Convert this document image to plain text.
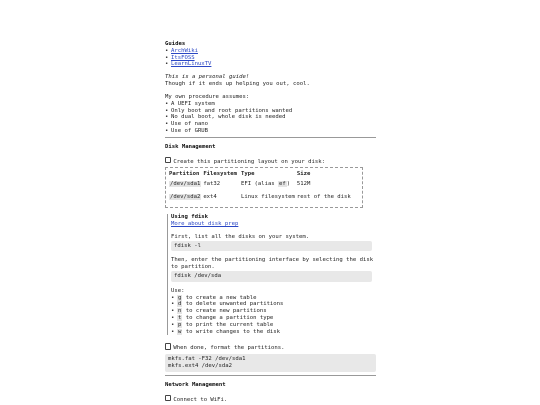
Guides
• ArchWiki
• ItsFOSS
• LearnLinuxTV
This is a personal guide!
Though if it ends up helping you out, cool.
My own procedure assumes:
• A UEFI system
• Only boot and root partitions wanted
• No dual boot, whole disk is needed
• Use of nano
• Use of GRUB
Disk Management
Create this partitioning layout on your disk:
Partition	Filesystem	Type	Size
/dev/sda1	fat32	EFI (alias ef)	512M
/dev/sda2	ext4	Linux filesystem	rest of the disk
Using fdisk
More about disk prep
First, list all the disks on your system.
fdisk -l
Then, enter the partitioning interface by selecting the disk to partition.
fdisk /dev/sda
Use:
• g to create a new table
• d to delete unwanted partitions
• n to create new partitions
• t to change a partition type
• p to print the current table
• w to write changes to the disk
When done, format the partitions.
mkfs.fat -F32 /dev/sda1
mkfs.ext4 /dev/sda2
Network Management
Connect to WiFi.
